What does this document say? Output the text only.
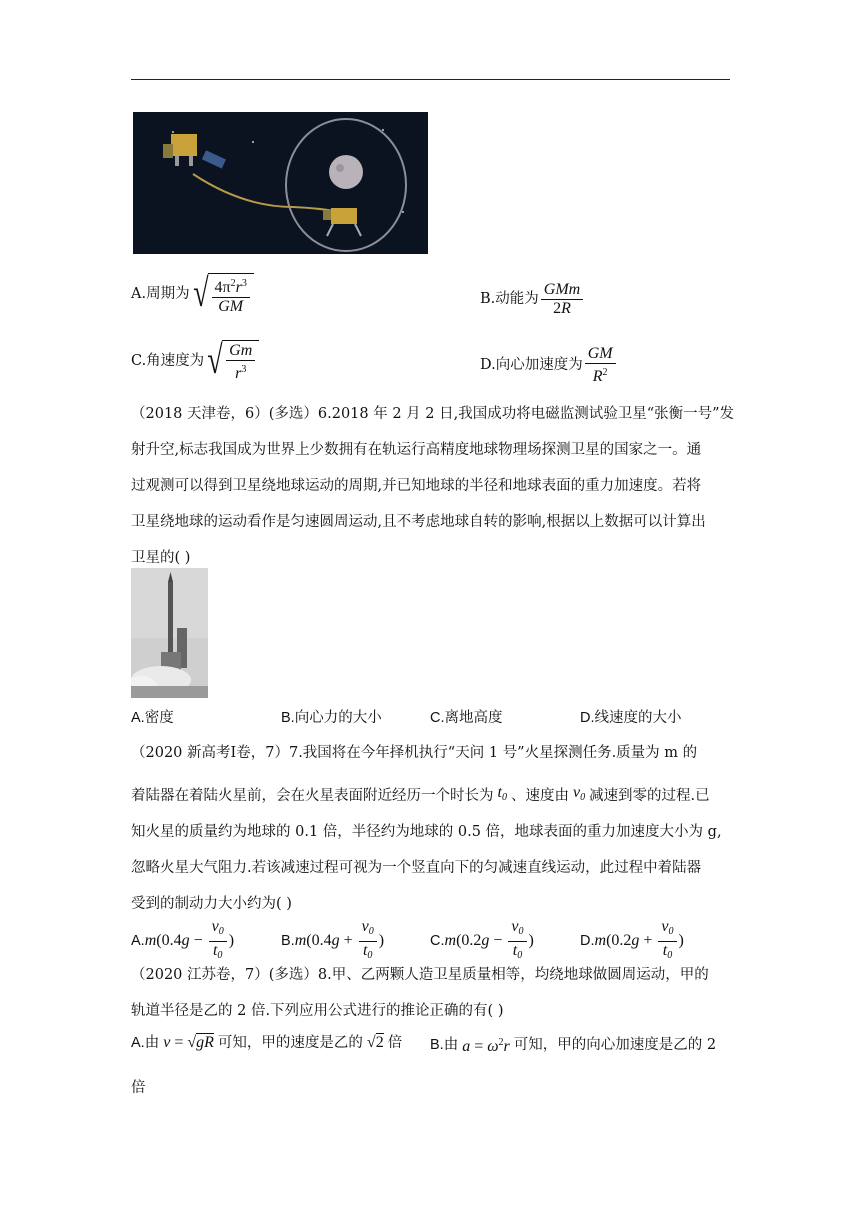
A.周期为 √ $\frac{4\pi^2r^3}{GM}$	B.动能为 $\frac{\text{GMm}}{2R}$
C.角速度为 √ $\frac{Gm}{r^3}$	D.向心加速度为 $\frac{GM}{R^2}$
（2018 天津卷，6）(多选）6.2018 年 2 月 2 日,我国成功将电磁监测试验卫星“张衡一号”发
射升空,标志我国成为世界上少数拥有在轨运行高精度地球物理场探测卫星的国家之一。通
过观测可以得到卫星绕地球运动的周期,并已知地球的半径和地球表面的重力加速度。若将
卫星绕地球的运动看作是匀速圆周运动,且不考虑地球自转的影响,根据以上数据可以计算出
卫星的( )
A.密度	B.向心力的大小	C.离地高度	D.线速度的大小
（2020 新高考Ⅰ卷，7）7.我国将在今年择机执行“天问 1 号”火星探测任务.质量为 m 的
着陆器在着陆火星前，会在火星表面附近经历一个时长为 $t_0$ 、速度由 $v_0$ 减速到零的过程.已
知火星的质量约为地球的 0.1 倍，半径约为地球的 0.5 倍，地球表面的重力加速度大小为 g,
忽略火星大气阻力.若该减速过程可视为一个竖直向下的匀减速直线运动，此过程中着陆器
受到的制动力大小约为( )
A. $m(0.4g - \frac{v_0}{t_0}$ )	B. $m(0.4g + \frac{v_0}{t_0}$ )	C. $m(0.2g - \frac{v_0}{t_0}$ )	D. $m(0.2g + \frac{v_0}{t_0}$ )
（2020 江苏卷，7）(多选）8.甲、乙两颗人造卫星质量相等，均绕地球做圆周运动，甲的
轨道半径是乙的 2 倍.下列应用公式进行的推论正确的有( )
A.由 v = √gR 可知，甲的速度是乙的 √2 倍 B.由 $a = \omega^2r$ 可知，甲的向心加速度是乙的 2
倍
